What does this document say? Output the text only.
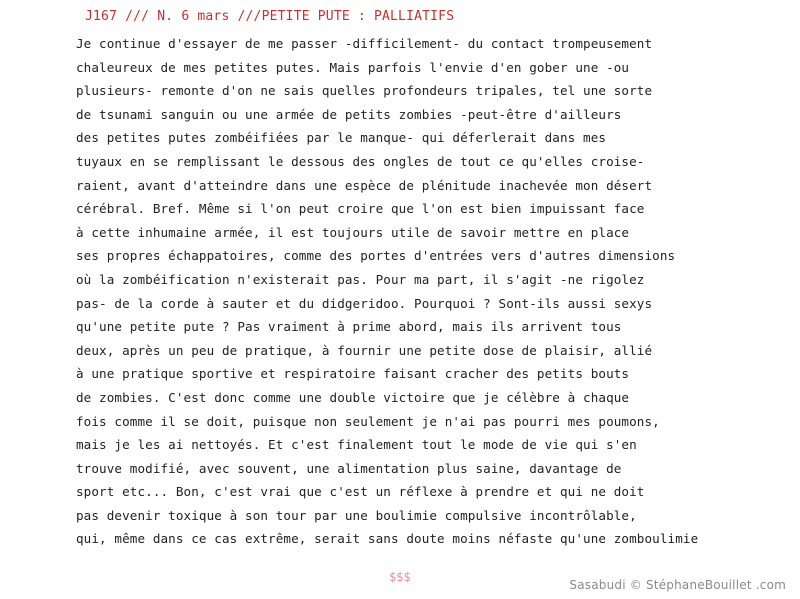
J167 /// N. 6 mars ///PETITE PUTE : PALLIATIFS
Je continue d'essayer de me passer -difficilement- du contact trompeusement
chaleureux de mes petites putes. Mais parfois l'envie d'en gober une -ou
plusieurs- remonte d'on ne sais quelles profondeurs tripales, tel une sorte
de tsunami sanguin ou une armée de petits zombies -peut-être d'ailleurs
des petites putes zombéifiées par le manque- qui déferlerait dans mes
tuyaux en se remplissant le dessous des ongles de tout ce qu'elles croise-
raient, avant d'atteindre dans une espèce de plénitude inachevée mon désert
cérébral. Bref. Même si l'on peut croire que l'on est bien impuissant face
à cette inhumaine armée, il est toujours utile de savoir mettre en place
ses propres échappatoires, comme des portes d'entrées vers d'autres dimensions
où la zombéification n'existerait pas. Pour ma part, il s'agit -ne rigolez
pas- de la corde à sauter et du didgeridoo. Pourquoi ? Sont-ils aussi sexys
qu'une petite pute ? Pas vraiment à prime abord, mais ils arrivent tous
deux, après un peu de pratique, à fournir une petite dose de plaisir, allié
à une pratique sportive et respiratoire faisant cracher des petits bouts
de zombies. C'est donc comme une double victoire que je célèbre à chaque
fois comme il se doit, puisque non seulement je n'ai pas pourri mes poumons,
mais je les ai nettoyés. Et c'est finalement tout le mode de vie qui s'en
trouve modifié, avec souvent, une alimentation plus saine, davantage de
sport etc... Bon, c'est vrai que c'est un réflexe à prendre et qui ne doit
pas devenir toxique à son tour par une boulimie compulsive incontrôlable,
qui, même dans ce cas extrême, serait sans doute moins néfaste qu'une zomboulimie
$$$
Sasabudi © StéphaneBouillet .com
